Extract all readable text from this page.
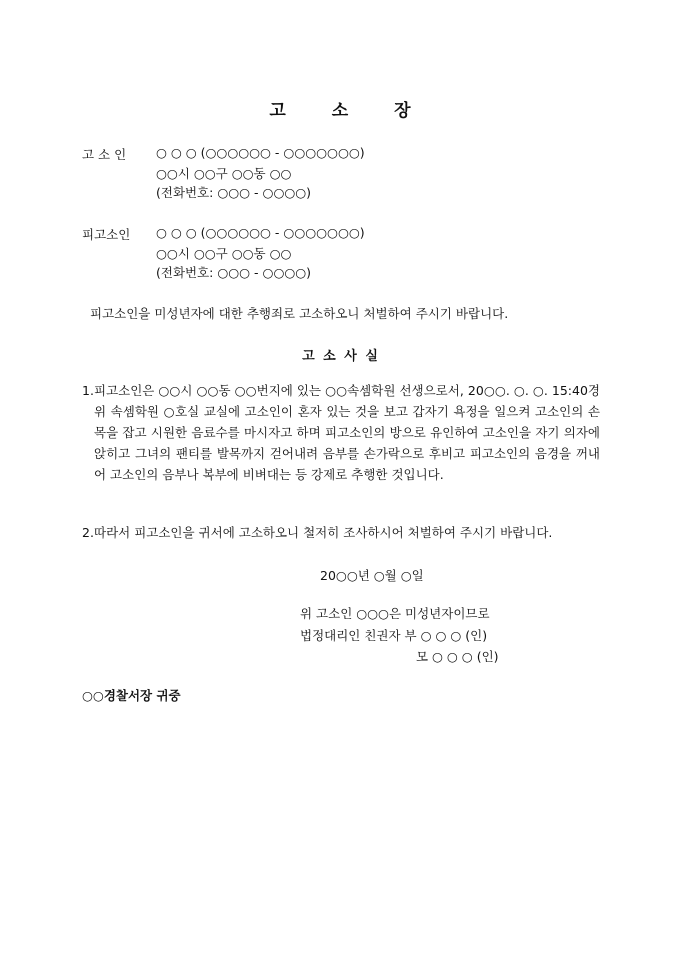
고	소	장
고 소 인 ○ ○ ○ (○○○○○○ - ○○○○○○○)
○○시 ○○구 ○○동 ○○
(전화번호: ○○○ - ○○○○)
피고소인 ○ ○ ○ (○○○○○○ - ○○○○○○○)
○○시 ○○구 ○○동 ○○
(전화번호: ○○○ - ○○○○)
피고소인을 미성년자에 대한 추행죄로 고소하오니 처벌하여 주시기 바랍니다.
고 소 사 실
1. 피고소인은 ○○시 ○○동 ○○번지에 있는 ○○속셈학원 선생으로서, 20○○. ○. ○. 15:40경 위 속셈학원 ○호실 교실에 고소인이 혼자 있는 것을 보고 갑자기 욕정을 일으켜 고소인의 손목을 잡고 시원한 음료수를 마시자고 하며 피고소인의 방으로 유인하여 고소인을 자기 의자에 앉히고 그녀의 팬티를 발목까지 걷어내려 음부를 손가락으로 후비고 피고소인의 음경을 꺼내어 고소인의 음부나 복부에 비벼대는 등 강제로 추행한 것입니다.
2. 따라서 피고소인을 귀서에 고소하오니 철저히 조사하시어 처벌하여 주시기 바랍니다.
20○○년 ○월 ○일
위 고소인 ○○○은 미성년자이므로
법정대리인 친권자 부 ○ ○ ○ (인)
모 ○ ○ ○ (인)
○○경찰서장 귀중
